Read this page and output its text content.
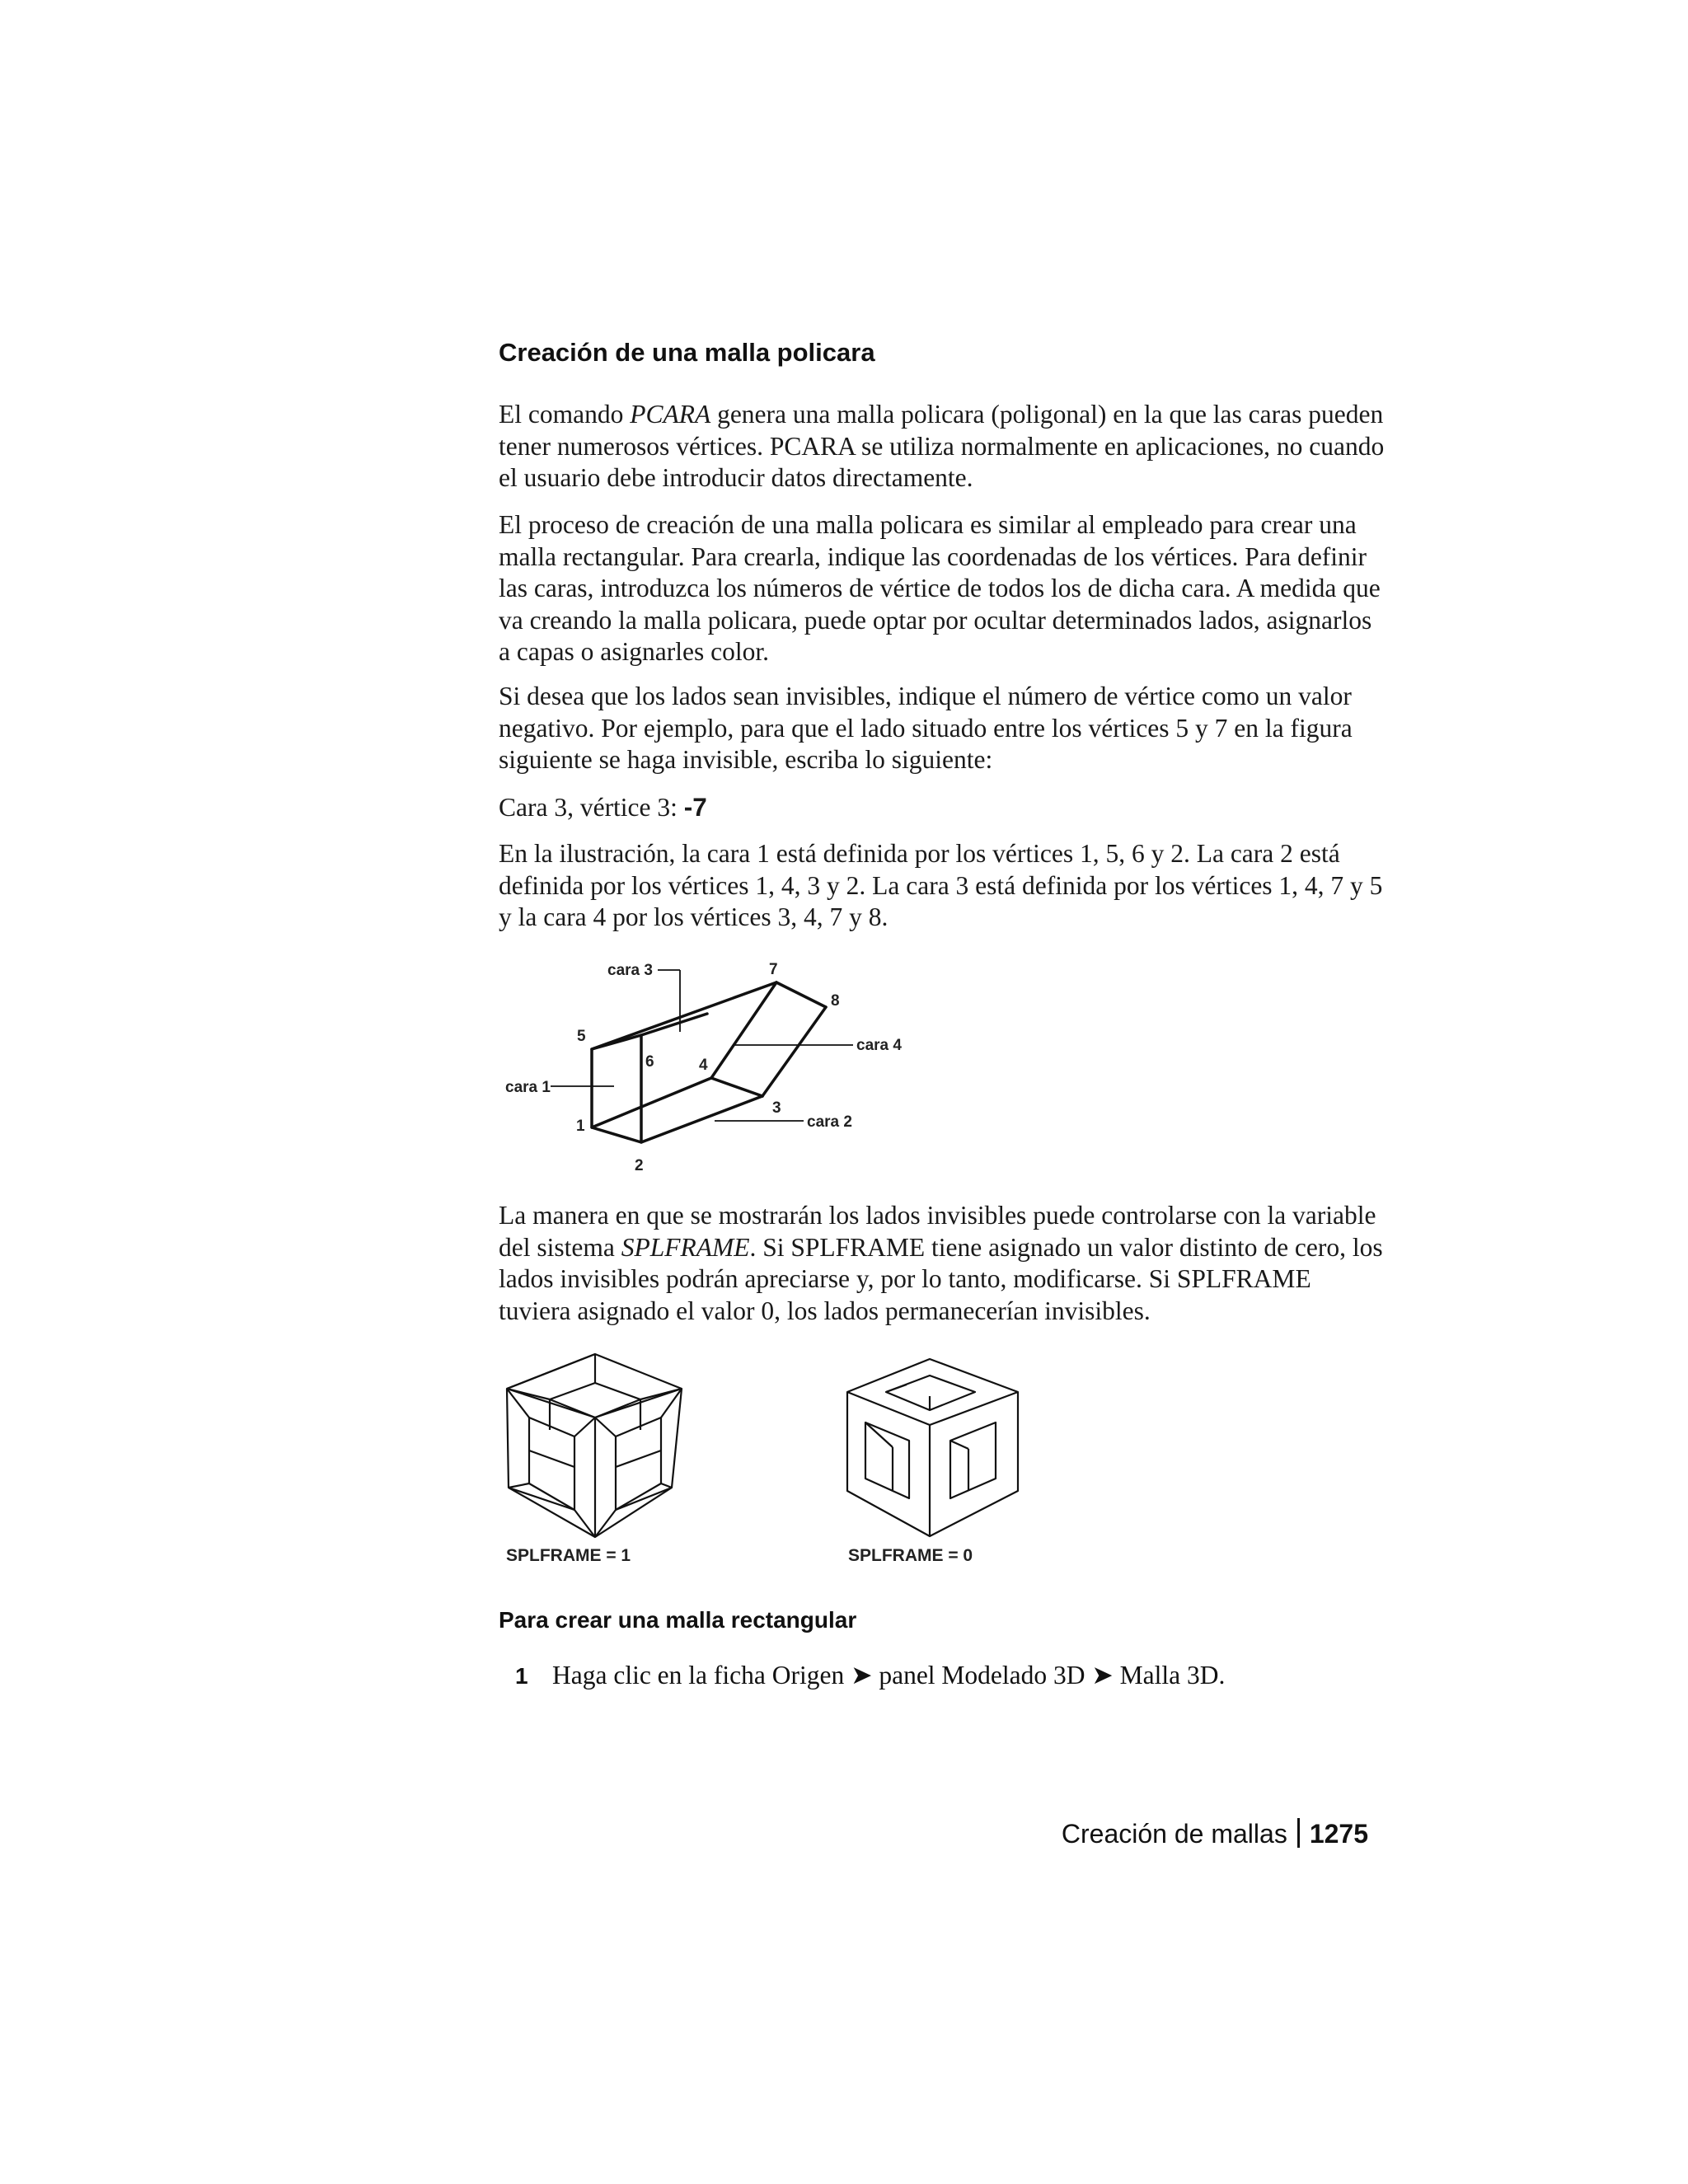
Creación de una malla policara

El comando PCARA genera una malla policara (poligonal) en la que las caras pueden tener numerosos vértices. PCARA se utiliza normalmente en aplicaciones, no cuando el usuario debe introducir datos directamente.

El proceso de creación de una malla policara es similar al empleado para crear una malla rectangular. Para crearla, indique las coordenadas de los vértices. Para definir las caras, introduzca los números de vértice de todos los de dicha cara. A medida que va creando la malla policara, puede optar por ocultar determinados lados, asignarlos a capas o asignarles color.

Si desea que los lados sean invisibles, indique el número de vértice como un valor negativo. Por ejemplo, para que el lado situado entre los vértices 5 y 7 en la figura siguiente se haga invisible, escriba lo siguiente:

Cara 3, vértice 3: -7

En la ilustración, la cara 1 está definida por los vértices 1, 5, 6 y 2. La cara 2 está definida por los vértices 1, 4, 3 y 2. La cara 3 está definida por los vértices 1, 4, 7 y 5 y la cara 4 por los vértices 3, 4, 7 y 8.

cara 3	7
8
5
6	4
cara 4
cara 1
3
cara 2
1
2

La manera en que se mostrarán los lados invisibles puede controlarse con la variable del sistema SPLFRAME. Si SPLFRAME tiene asignado un valor distinto de cero, los lados invisibles podrán apreciarse y, por lo tanto, modificarse. Si SPLFRAME tuviera asignado el valor 0, los lados permanecerían invisibles.

SPLFRAME = 1	SPLFRAME = 0
Para crear una malla rectangular
1 Haga clic en la ficha Origen ➤ panel Modelado 3D ➤ Malla 3D.
Creación de mallas 1275
